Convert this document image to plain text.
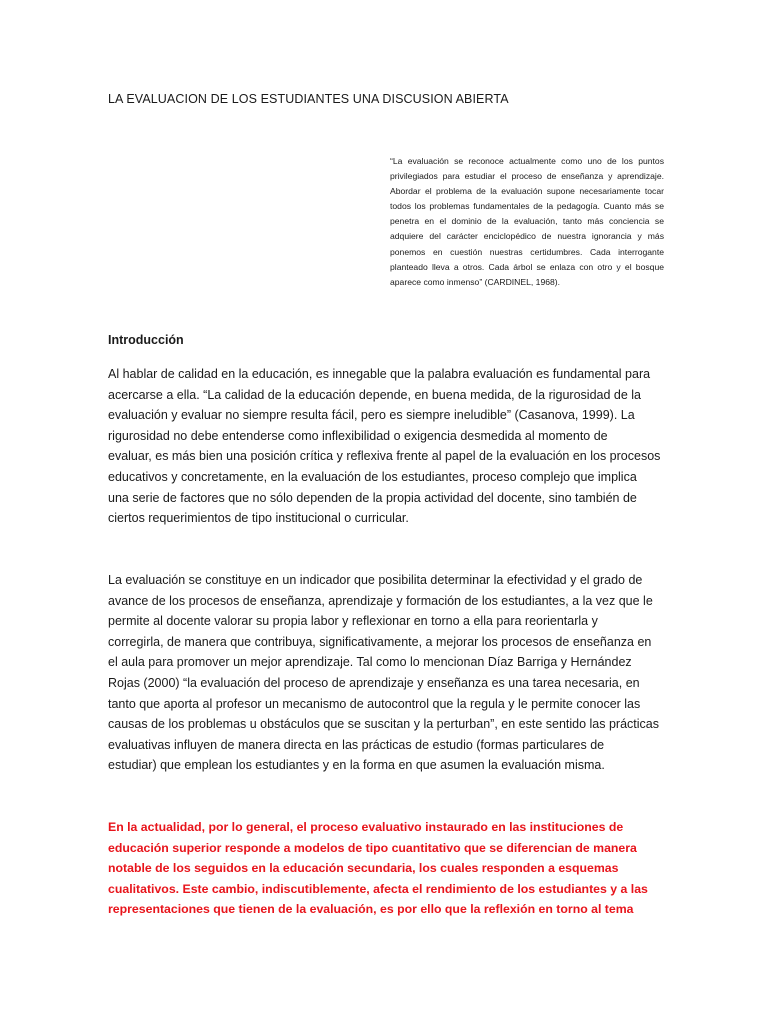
LA EVALUACION DE LOS ESTUDIANTES UNA DISCUSION ABIERTA
“La evaluación se reconoce actualmente como uno de los puntos privilegiados para estudiar el proceso de enseñanza y aprendizaje. Abordar el problema de la evaluación supone necesariamente tocar todos los problemas fundamentales de la pedagogía. Cuanto más se penetra en el dominio de la evaluación, tanto más conciencia se adquiere del carácter enciclopédico de nuestra ignorancia y más ponemos en cuestión nuestras certidumbres. Cada interrogante planteado lleva a otros. Cada árbol se enlaza con otro y el bosque aparece como inmenso” (CARDINEL, 1968).
Introducción
Al hablar de calidad en la educación, es innegable que la palabra evaluación es fundamental para
acercarse a ella. “La calidad de la educación depende, en buena medida, de la rigurosidad de la
evaluación y evaluar no siempre resulta fácil, pero es siempre ineludible” (Casanova, 1999). La
rigurosidad no debe entenderse como inflexibilidad o exigencia desmedida al momento de
evaluar, es más bien una posición crítica y reflexiva frente al papel de la evaluación en los procesos
educativos y concretamente, en la evaluación de los estudiantes, proceso complejo que implica
una serie de factores que no sólo dependen de la propia actividad del docente, sino también de
ciertos requerimientos de tipo institucional o curricular.
La evaluación se constituye en un indicador que posibilita determinar la efectividad y el grado de
avance de los procesos de enseñanza, aprendizaje y formación de los estudiantes, a la vez que le
permite al docente valorar su propia labor y reflexionar en torno a ella para reorientarla y
corregirla, de manera que contribuya, significativamente, a mejorar los procesos de enseñanza en
el aula para promover un mejor aprendizaje. Tal como lo mencionan Díaz Barriga y Hernández
Rojas (2000) “la evaluación del proceso de aprendizaje y enseñanza es una tarea necesaria, en
tanto que aporta al profesor un mecanismo de autocontrol que la regula y le permite conocer las
causas de los problemas u obstáculos que se suscitan y la perturban”, en este sentido las prácticas
evaluativas influyen de manera directa en las prácticas de estudio (formas particulares de
estudiar) que emplean los estudiantes y en la forma en que asumen la evaluación misma.
En la actualidad, por lo general, el proceso evaluativo instaurado en las instituciones de
educación superior responde a modelos de tipo cuantitativo que se diferencian de manera
notable de los seguidos en la educación secundaria, los cuales responden a esquemas
cualitativos. Este cambio, indiscutiblemente, afecta el rendimiento de los estudiantes y a las
representaciones que tienen de la evaluación, es por ello que la reflexión en torno al tema
